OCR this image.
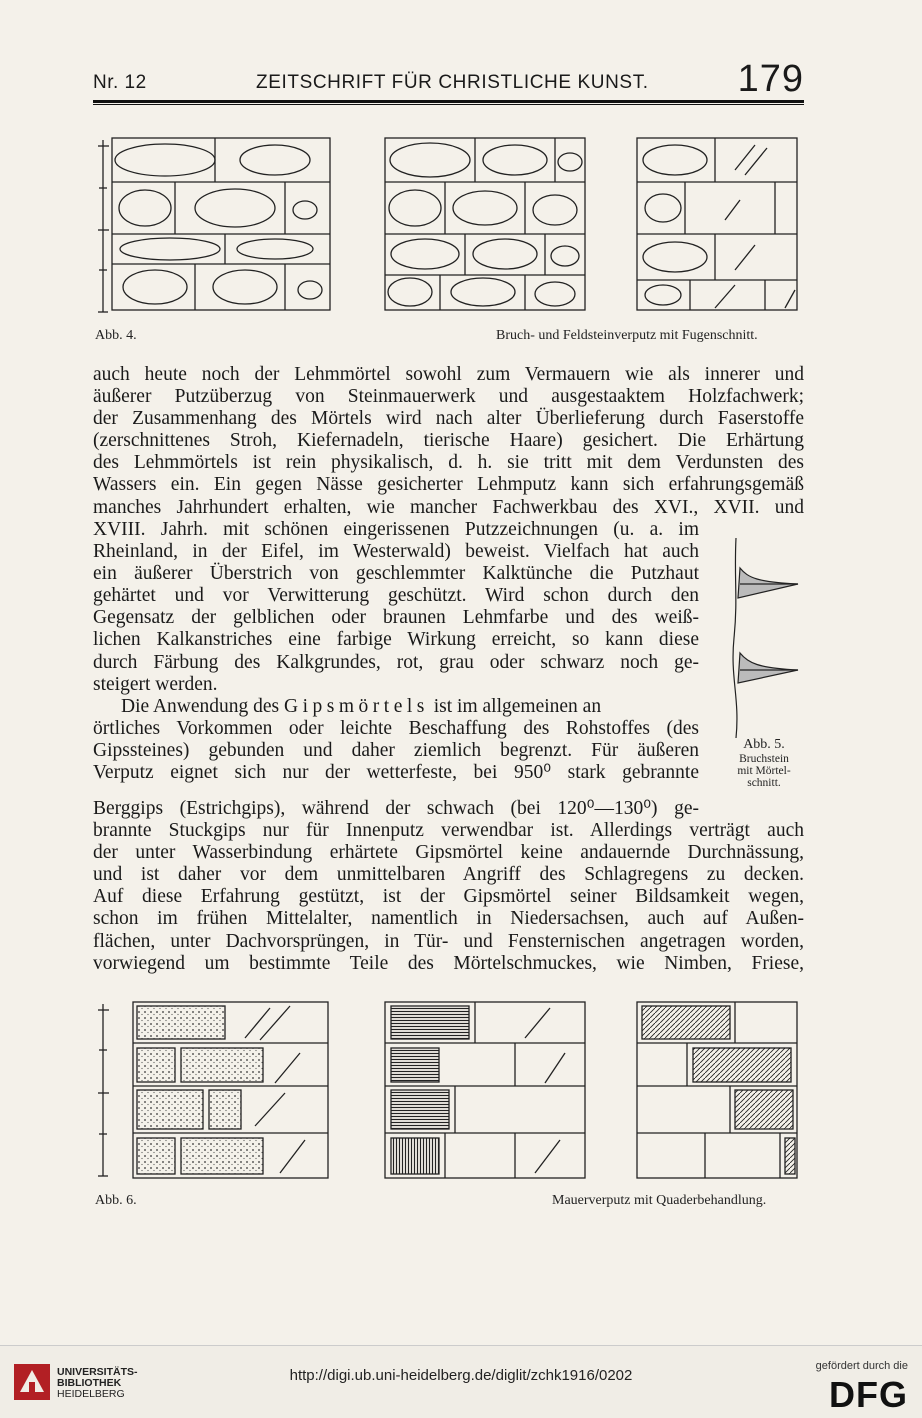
Nr. 12	ZEITSCHRIFT FÜR CHRISTLICHE KUNST. 179
Abb. 4.	Bruch- und Feldsteinverputz mit Fugenschnitt.
auch heute noch der Lehmmörtel sowohl zum Vermauern wie als innerer und
äußerer Putzüberzug von Steinmauerwerk und ausgestaaktem Holzfachwerk;
der Zusammenhang des Mörtels wird nach alter Überlieferung durch Faserstoffe
(zerschnittenes Stroh, Kiefernadeln, tierische Haare) gesichert. Die Erhärtung
des Lehmmörtels ist rein physikalisch, d. h. sie tritt mit dem Verdunsten des
Wassers ein. Ein gegen Nässe gesicherter Lehmputz kann sich erfahrungsgemäß
manches Jahrhundert erhalten, wie mancher Fachwerkbau des XVI., XVII. und
XVIII. Jahrh. mit schönen eingerissenen Putzzeichnungen (u. a. im
Rheinland, in der Eifel, im Westerwald) beweist. Vielfach hat auch
ein äußerer Überstrich von geschlemmter Kalktünche die Putzhaut
gehärtet und vor Verwitterung geschützt. Wird schon durch den
Gegensatz der gelblichen oder braunen Lehmfarbe und des weiß-
lichen Kalkanstriches eine farbige Wirkung erreicht, so kann diese
durch Färbung des Kalkgrundes, rot, grau oder schwarz noch ge-
steigert werden.
Die Anwendung des Gipsmörtels ist im allgemeinen an
örtliches Vorkommen oder leichte Beschaffung des Rohstoffes (des
Gipssteines) gebunden und daher ziemlich begrenzt. Für äußeren
Verputz eignet sich nur der wetterfeste, bei 950⁰ stark gebrannte
Abb. 5.
Bruchstein
mit Mörtel-
schnitt.
Berggips (Estrichgips), während der schwach (bei 120⁰—130⁰) ge-
brannte Stuckgips nur für Innenputz verwendbar ist. Allerdings verträgt auch
der unter Wasserbindung erhärtete Gipsmörtel keine andauernde Durchnässung,
und ist daher vor dem unmittelbaren Angriff des Schlagregens zu decken.
Auf diese Erfahrung gestützt, ist der Gipsmörtel seiner Bildsamkeit wegen,
schon im frühen Mittelalter, namentlich in Niedersachsen, auch auf Außen-
flächen, unter Dachvorsprüngen, in Tür- und Fensternischen angetragen worden,
vorwiegend um bestimmte Teile des Mörtelschmuckes, wie Nimben, Friese,
Abb. 6.	Mauerverputz mit Quaderbehandlung.
UNIVERSITÄTS-
BIBLIOTHEK
HEIDELBERG
http://digi.ub.uni-heidelberg.de/diglit/zchk1916/0202
gefördert durch die
DFG
